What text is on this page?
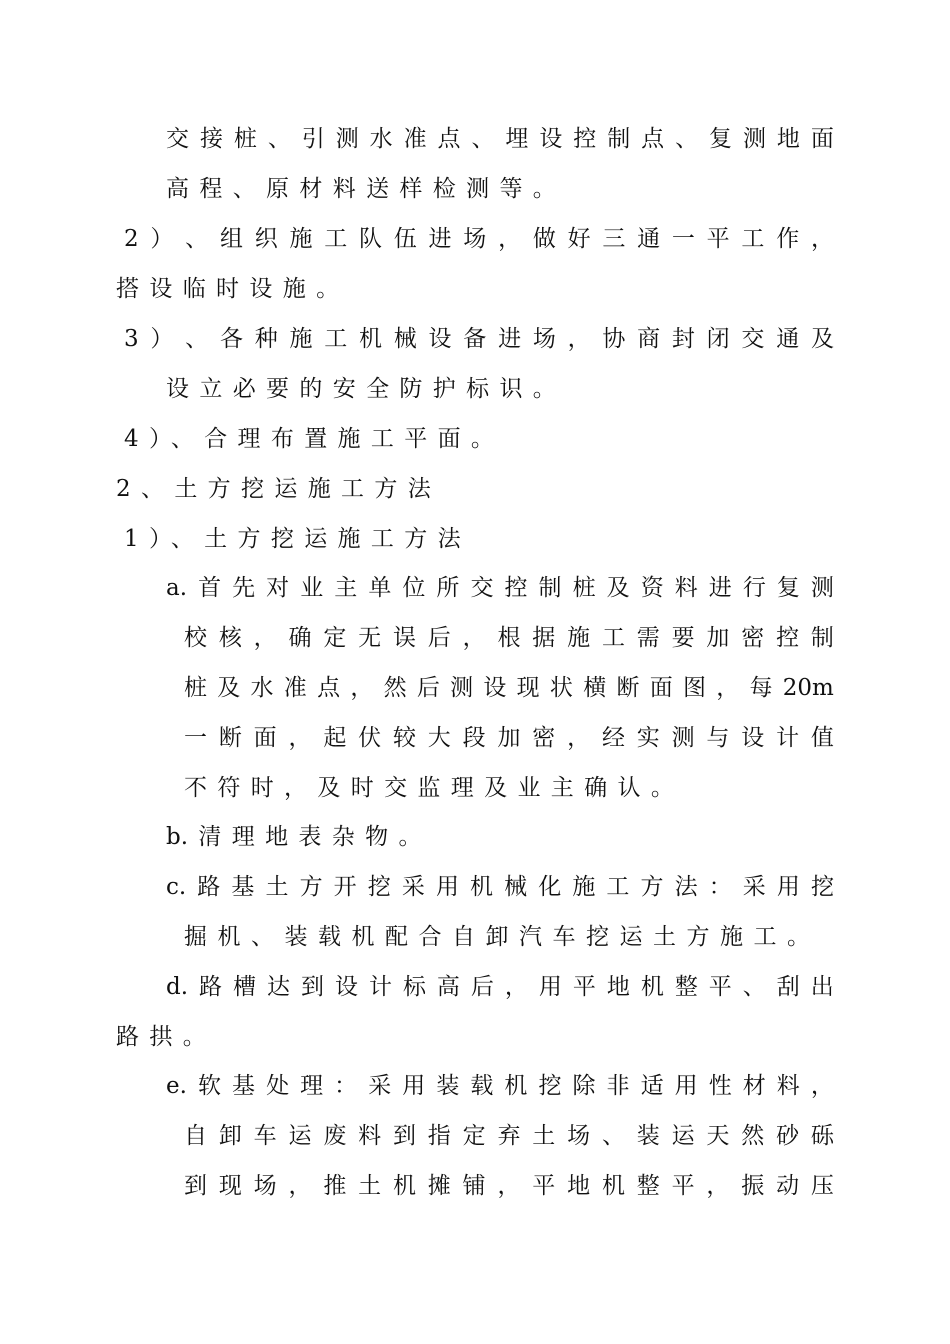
交 接 桩 、 引 测 水 准 点 、 埋 设 控 制 点 、 复 测 地 面
高 程 、 原 材 料 送 样 检 测 等 。
2 ） 、 组 织 施 工 队 伍 进 场 ， 做 好 三 通 一 平 工 作 ，
搭 设 临 时 设 施 。
3 ） 、 各 种 施 工 机 械 设 备 进 场 ， 协 商 封 闭 交 通 及
设 立 必 要 的 安 全 防 护 标 识 。
4 ） 、 合 理 布 置 施 工 平 面 。
2 、 土 方 挖 运 施 工 方 法
1 ） 、 土 方 挖 运 施 工 方 法
a. 首 先 对 业 主 单 位 所 交 控 制 桩 及 资 料 进 行 复 测
校 核 ， 确 定 无 误 后 ， 根 据 施 工 需 要 加 密 控 制
桩 及 水 准 点 ， 然 后 测 设 现 状 横 断 面 图 ， 每 20m
一 断 面 ， 起 伏 较 大 段 加 密 ， 经 实 测 与 设 计 值
不 符 时 ， 及 时 交 监 理 及 业 主 确 认 。
b. 清 理 地 表 杂 物 。
c. 路 基 土 方 开 挖 采 用 机 械 化 施 工 方 法 ： 采 用 挖
掘 机 、 装 载 机 配 合 自 卸 汽 车 挖 运 土 方 施 工 。
d. 路 槽 达 到 设 计 标 高 后 ， 用 平 地 机 整 平 、 刮 出
路 拱 。
e. 软 基 处 理 ： 采 用 装 载 机 挖 除 非 适 用 性 材 料 ，
自 卸 车 运 废 料 到 指 定 弃 土 场 、 装 运 天 然 砂 砾
到 现 场 ， 推 土 机 摊 铺 ， 平 地 机 整 平 ， 振 动 压
